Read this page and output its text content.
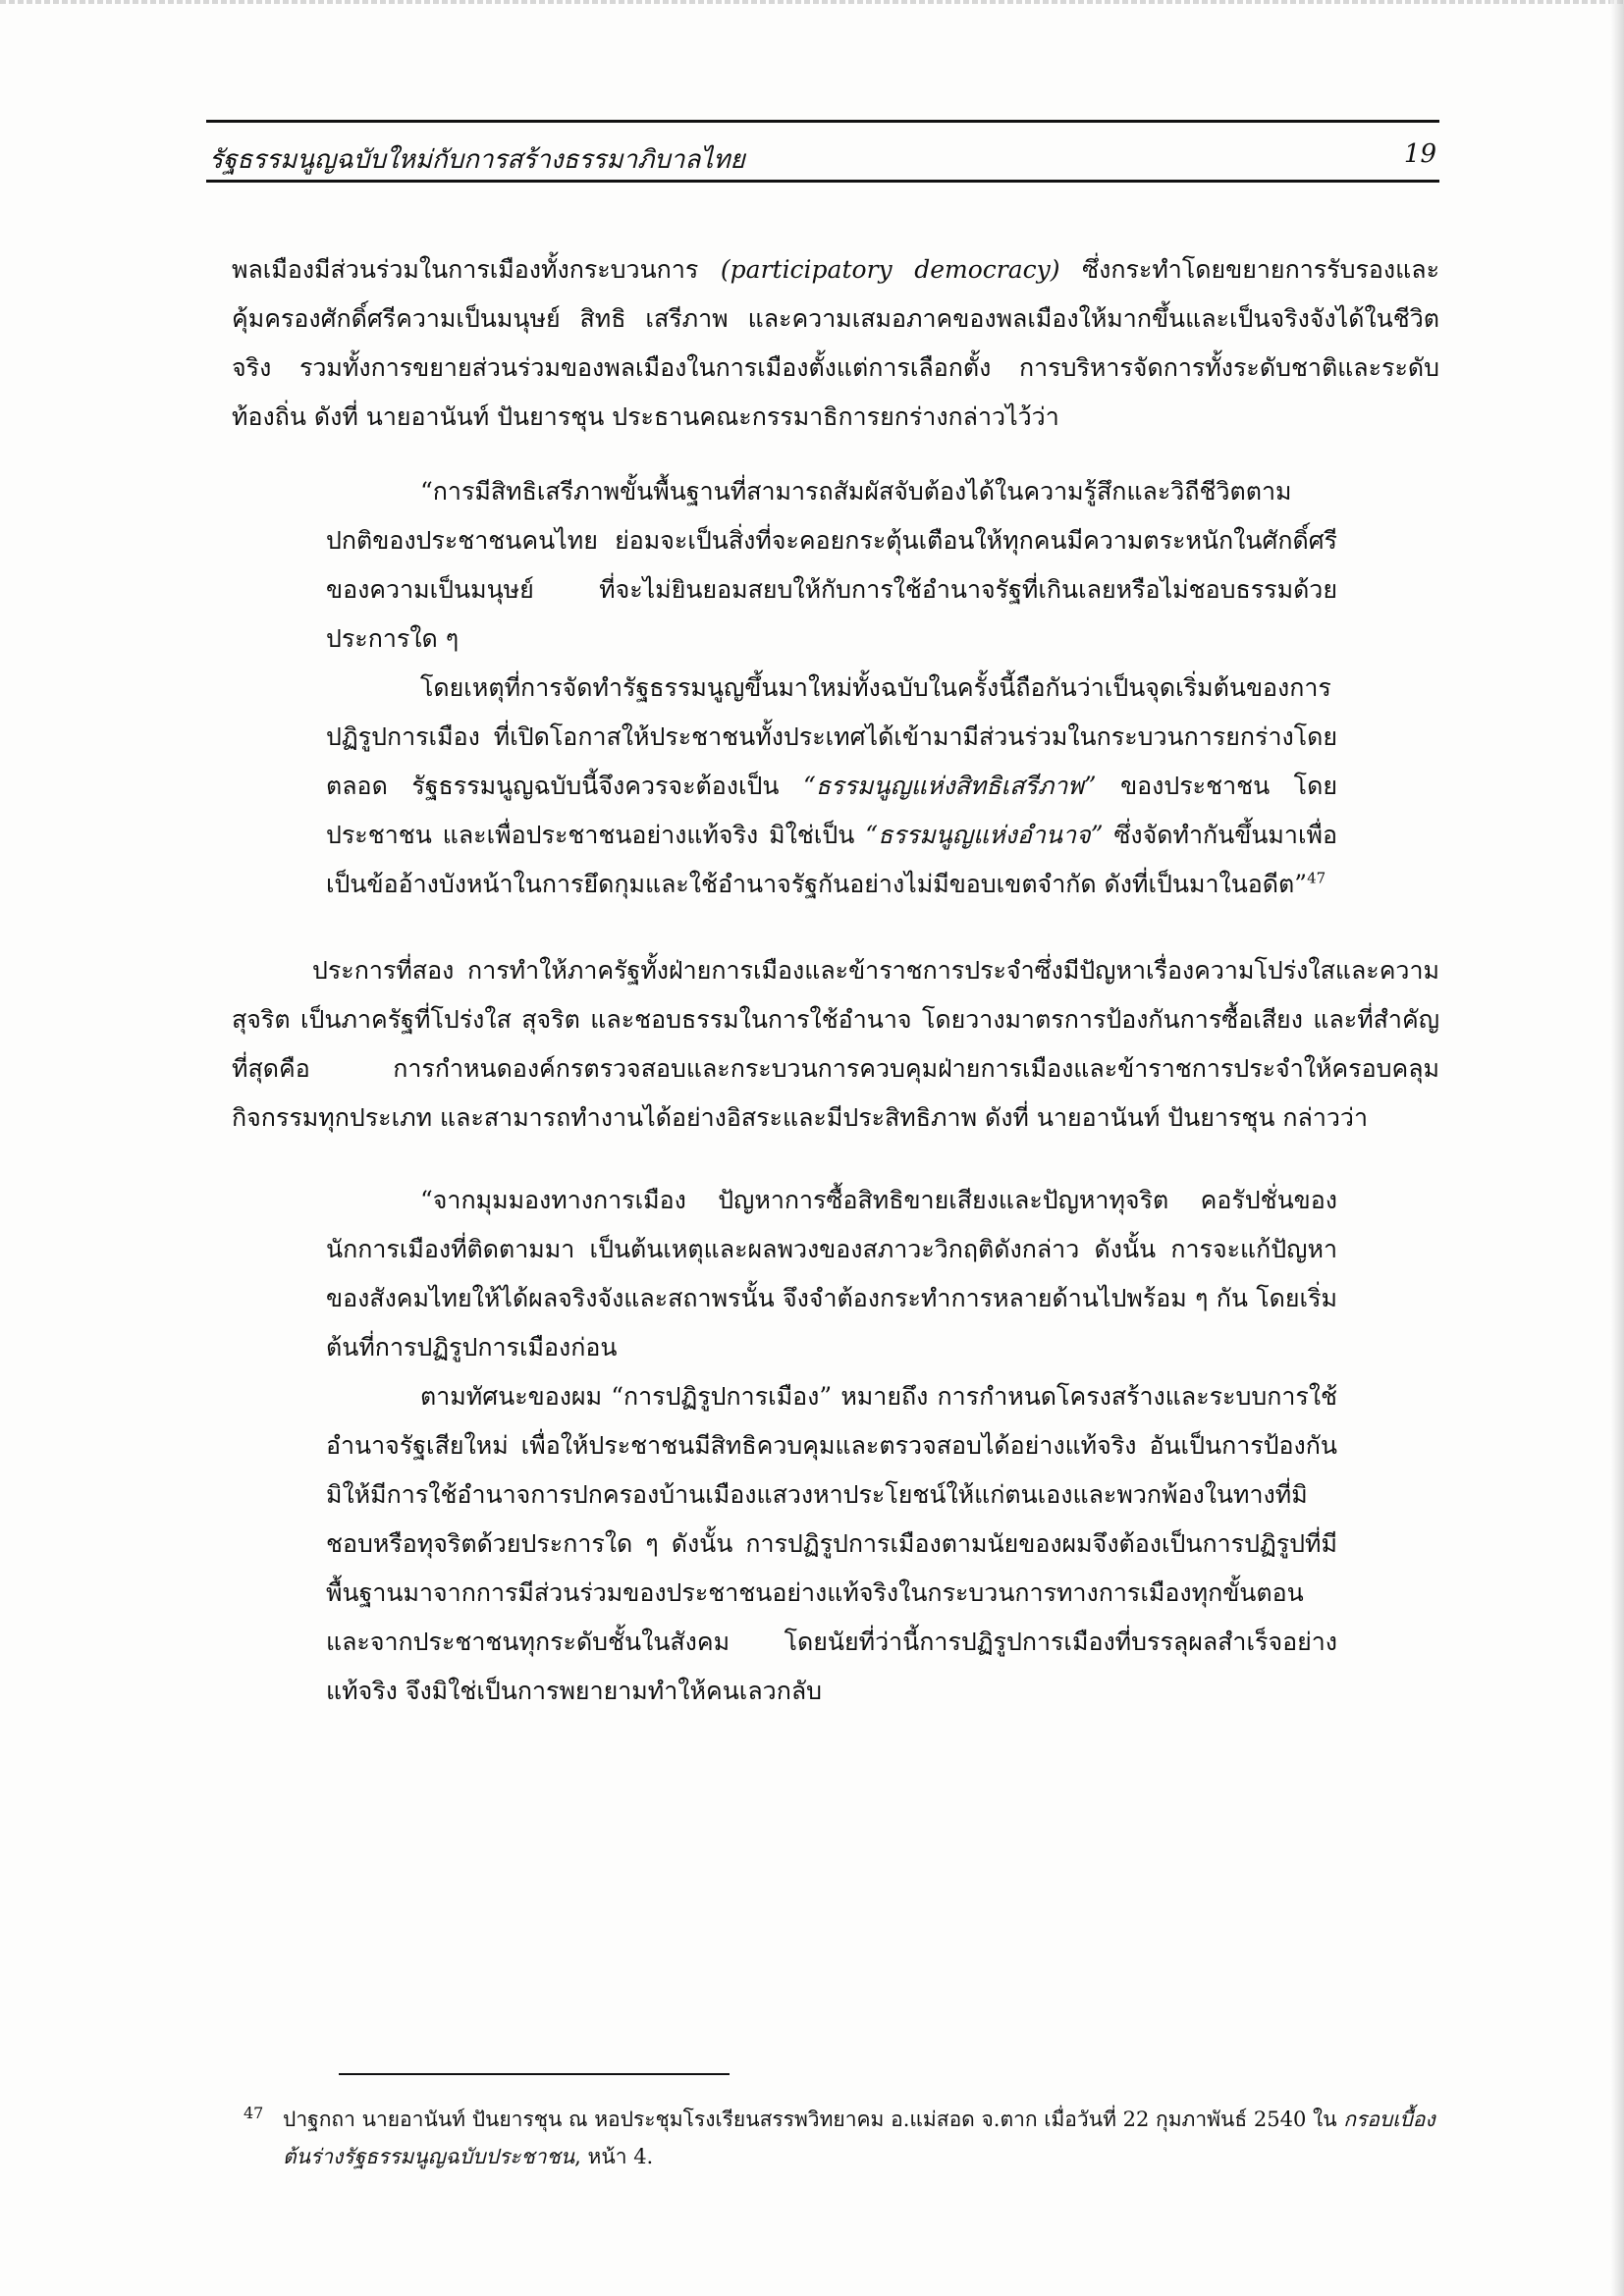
รัฐธรรมนูญฉบับใหม่กับการสร้างธรรมาภิบาลไทย	19

พลเมืองมีส่วนร่วมในการเมืองทั้งกระบวนการ (participatory democracy) ซึ่งกระทำโดยขยายการรับรองและคุ้มครองศักดิ์ศรีความเป็นมนุษย์ สิทธิ เสรีภาพ และความเสมอภาคของพลเมืองให้มากขึ้นและเป็นจริงจังได้ในชีวิตจริง รวมทั้งการขยายส่วนร่วมของพลเมืองในการเมืองตั้งแต่การเลือกตั้ง การบริหารจัดการทั้งระดับชาติและระดับท้องถิ่น ดังที่ นายอานันท์ ปันยารชุน ประธานคณะกรรมาธิการยกร่างกล่าวไว้ว่า

“การมีสิทธิเสรีภาพขั้นพื้นฐานที่สามารถสัมผัสจับต้องได้ในความรู้สึกและวิถีชีวิตตามปกติของประชาชนคนไทย ย่อมจะเป็นสิ่งที่จะคอยกระตุ้นเตือนให้ทุกคนมีความตระหนักในศักดิ์ศรีของความเป็นมนุษย์ ที่จะไม่ยินยอมสยบให้กับการใช้อำนาจรัฐที่เกินเลยหรือไม่ชอบธรรมด้วยประการใด ๆ

โดยเหตุที่การจัดทำรัฐธรรมนูญขึ้นมาใหม่ทั้งฉบับในครั้งนี้ถือกันว่าเป็นจุดเริ่มต้นของการปฏิรูปการเมือง ที่เปิดโอกาสให้ประชาชนทั้งประเทศได้เข้ามามีส่วนร่วมในกระบวนการยกร่างโดยตลอด รัฐธรรมนูญฉบับนี้จึงควรจะต้องเป็น “ธรรมนูญแห่งสิทธิเสรีภาพ” ของประชาชน โดยประชาชน และเพื่อประชาชนอย่างแท้จริง มิใช่เป็น “ธรรมนูญแห่งอำนาจ” ซึ่งจัดทำกันขึ้นมาเพื่อเป็นข้ออ้างบังหน้าในการยึดกุมและใช้อำนาจรัฐกันอย่างไม่มีขอบเขตจำกัด ดังที่เป็นมาในอดีต”$^{47}$

ประการที่สอง การทำให้ภาครัฐทั้งฝ่ายการเมืองและข้าราชการประจำซึ่งมีปัญหาเรื่องความโปร่งใสและความสุจริต เป็นภาครัฐที่โปร่งใส สุจริต และชอบธรรมในการใช้อำนาจ โดยวางมาตรการป้องกันการซื้อเสียง และที่สำคัญที่สุดคือ การกำหนดองค์กรตรวจสอบและกระบวนการควบคุมฝ่ายการเมืองและข้าราชการประจำให้ครอบคลุมกิจกรรมทุกประเภท และสามารถทำงานได้อย่างอิสระและมีประสิทธิภาพ ดังที่ นายอานันท์ ปันยารชุน กล่าวว่า

“จากมุมมองทางการเมือง ปัญหาการซื้อสิทธิขายเสียงและปัญหาทุจริต คอรัปชั่นของนักการเมืองที่ติดตามมา เป็นต้นเหตุและผลพวงของสภาวะวิกฤติดังกล่าว ดังนั้น การจะแก้ปัญหาของสังคมไทยให้ได้ผลจริงจังและสถาพรนั้น จึงจำต้องกระทำการหลายด้านไปพร้อม ๆ กัน โดยเริ่มต้นที่การปฏิรูปการเมืองก่อน

ตามทัศนะของผม “การปฏิรูปการเมือง” หมายถึง การกำหนดโครงสร้างและระบบการใช้อำนาจรัฐเสียใหม่ เพื่อให้ประชาชนมีสิทธิควบคุมและตรวจสอบได้อย่างแท้จริง อันเป็นการป้องกันมิให้มีการใช้อำนาจการปกครองบ้านเมืองแสวงหาประโยชน์ให้แก่ตนเองและพวกพ้องในทางที่มิชอบหรือทุจริตด้วยประการใด ๆ ดังนั้น การปฏิรูปการเมืองตามนัยของผมจึงต้องเป็นการปฏิรูปที่มีพื้นฐานมาจากการมีส่วนร่วมของประชาชนอย่างแท้จริงในกระบวนการทางการเมืองทุกขั้นตอนและจากประชาชนทุกระดับชั้นในสังคม โดยนัยที่ว่านี้การปฏิรูปการเมืองที่บรรลุผลสำเร็จอย่างแท้จริง จึงมิใช่เป็นการพยายามทำให้คนเลวกลับ

47 ปาฐกถา นายอานันท์ ปันยารชุน ณ หอประชุมโรงเรียนสรรพวิทยาคม อ.แม่สอด จ.ตาก เมื่อวันที่ 22 กุมภาพันธ์ 2540 ใน กรอบเบื้องต้นร่างรัฐธรรมนูญฉบับประชาชน, หน้า 4.
